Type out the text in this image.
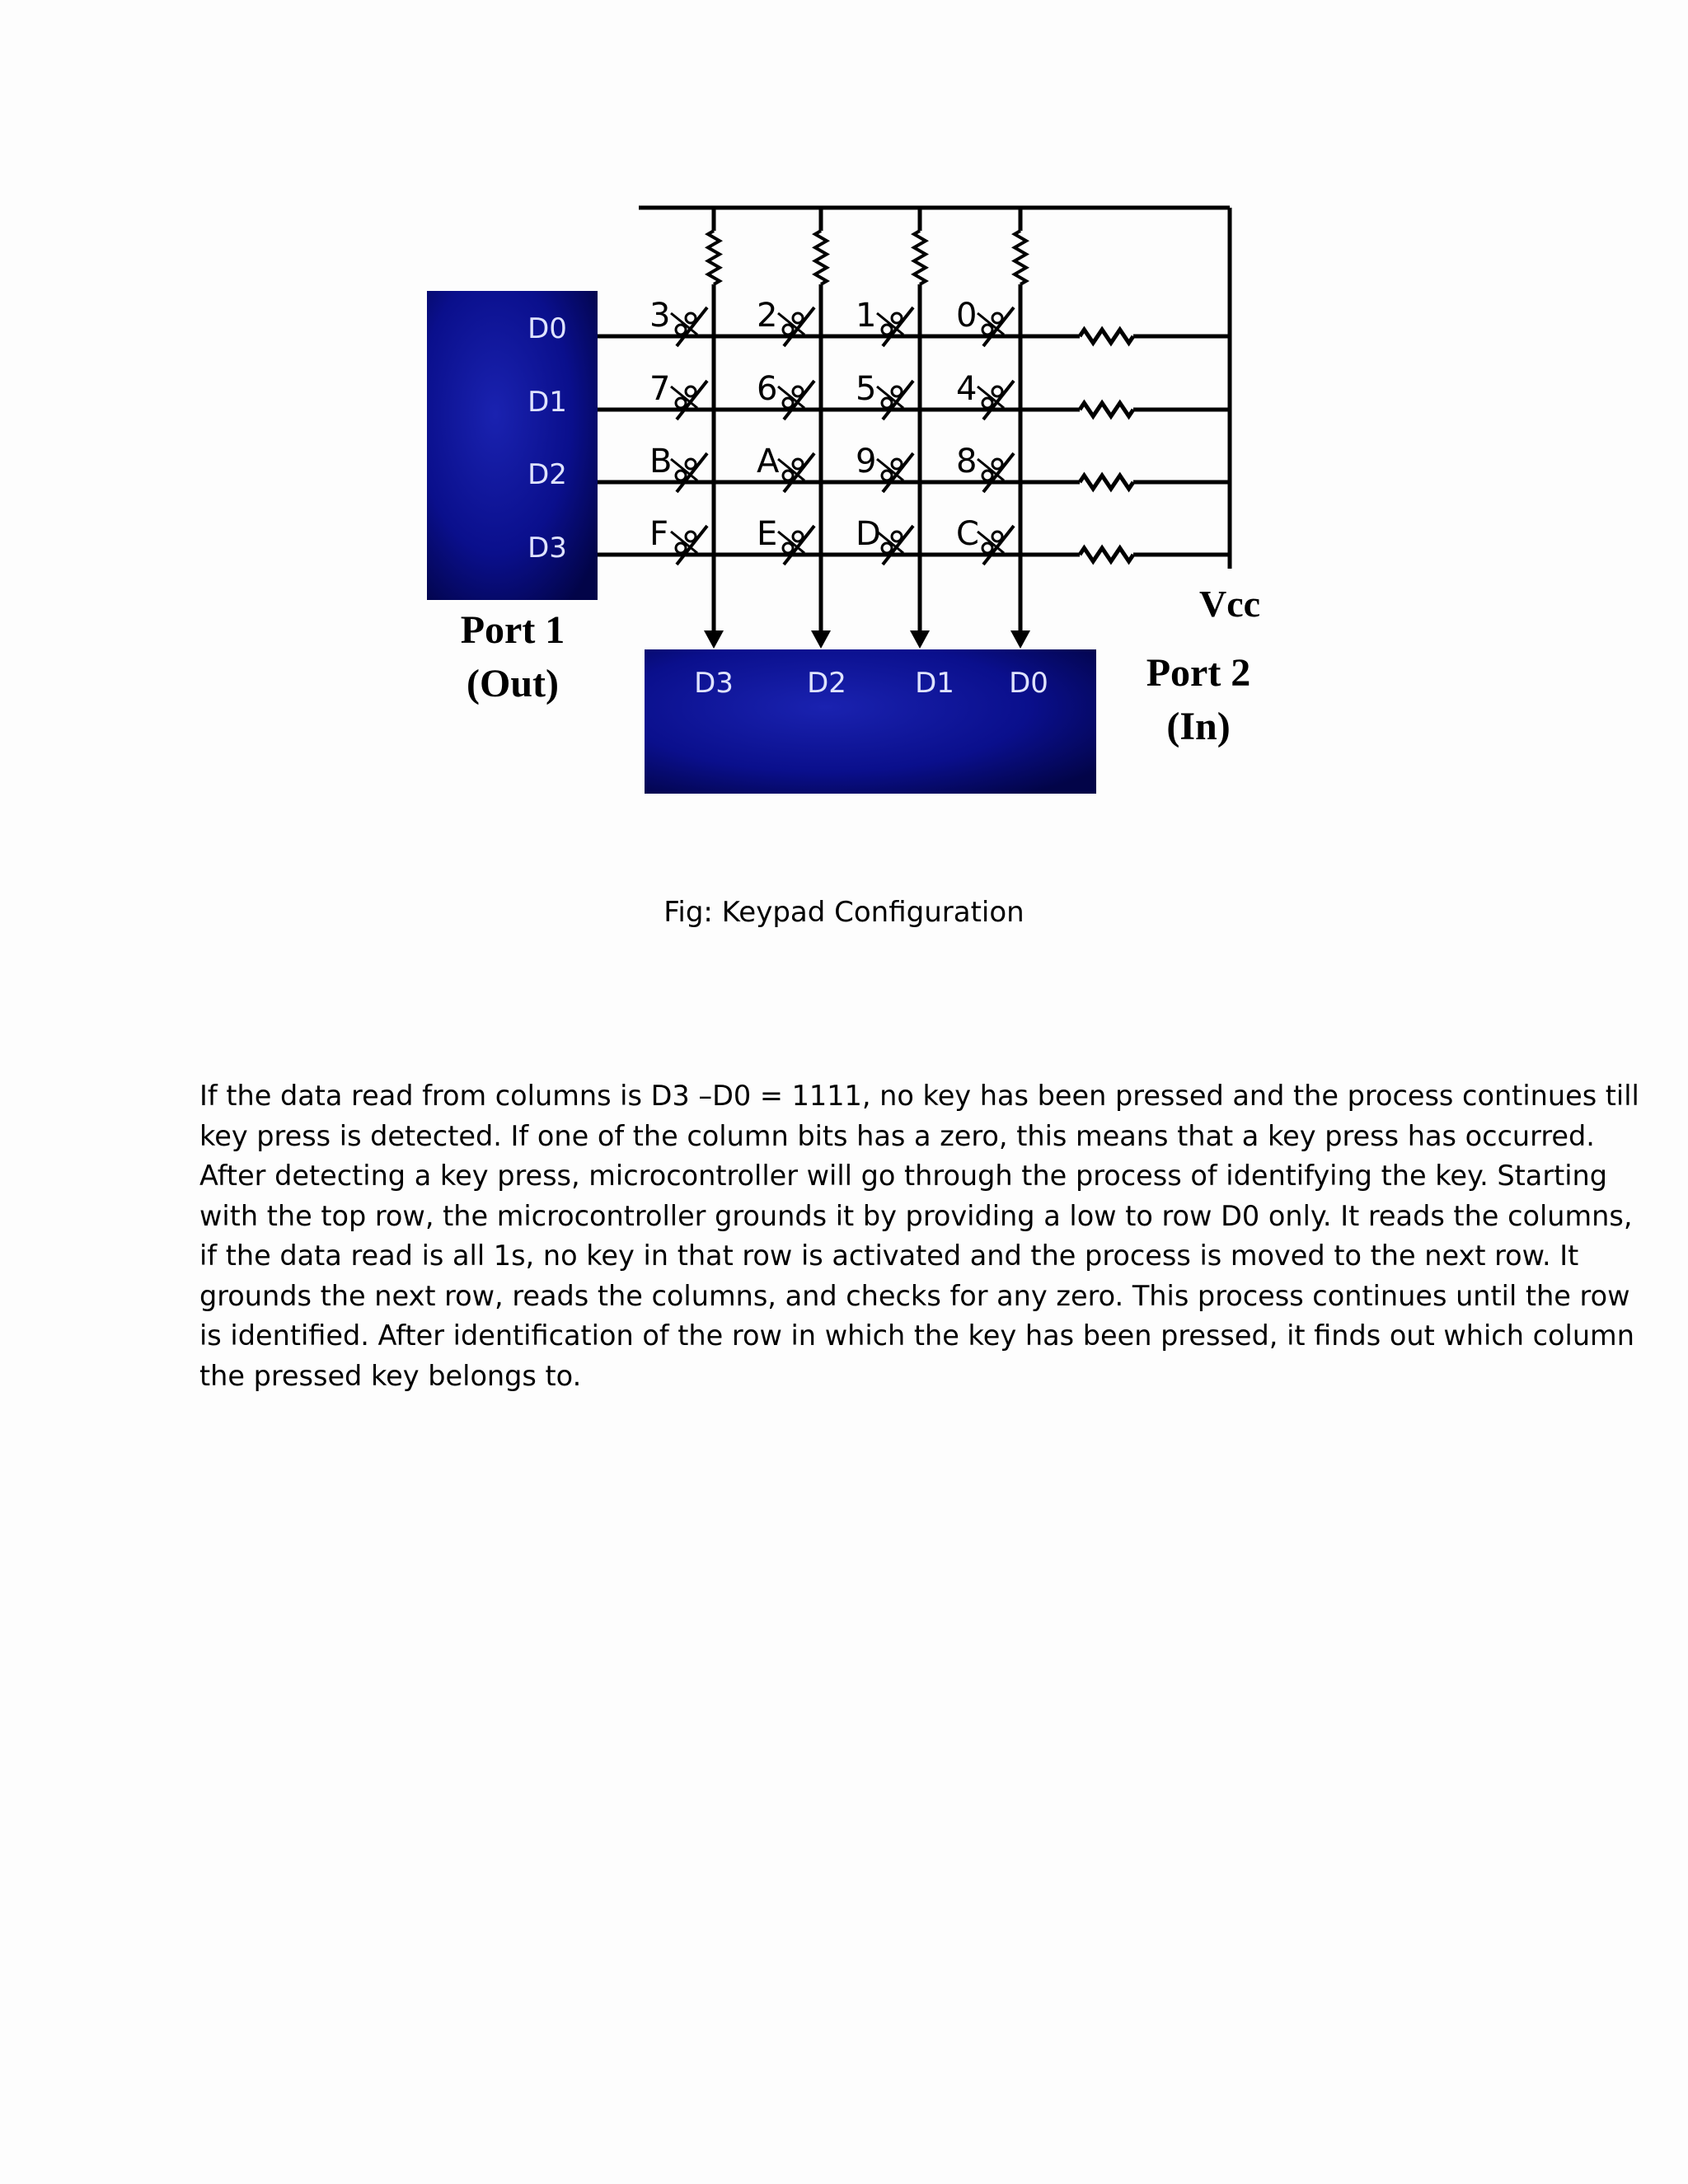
D0
D1
D2
D3
Port 1
(Out)	D3	D2 D1 D0 Port 2
(In)
Vcc
3	2 1 0
7	6 5 4
B	A 9 8
F	E D C
Fig: Keypad Configuration

If the data read from columns is D3 –D0 = 1111, no key has been pressed and the process continues till
key press is detected. If one of the column bits has a zero, this means that a key press has occurred.
After detecting a key press, microcontroller will go through the process of identifying the key. Starting
with the top row, the microcontroller grounds it by providing a low to row D0 only. It reads the columns,
if the data read is all 1s, no key in that row is activated and the process is moved to the next row. It
grounds the next row, reads the columns, and checks for any zero. This process continues until the row
is identified. After identification of the row in which the key has been pressed, it finds out which column
the pressed key belongs to.
